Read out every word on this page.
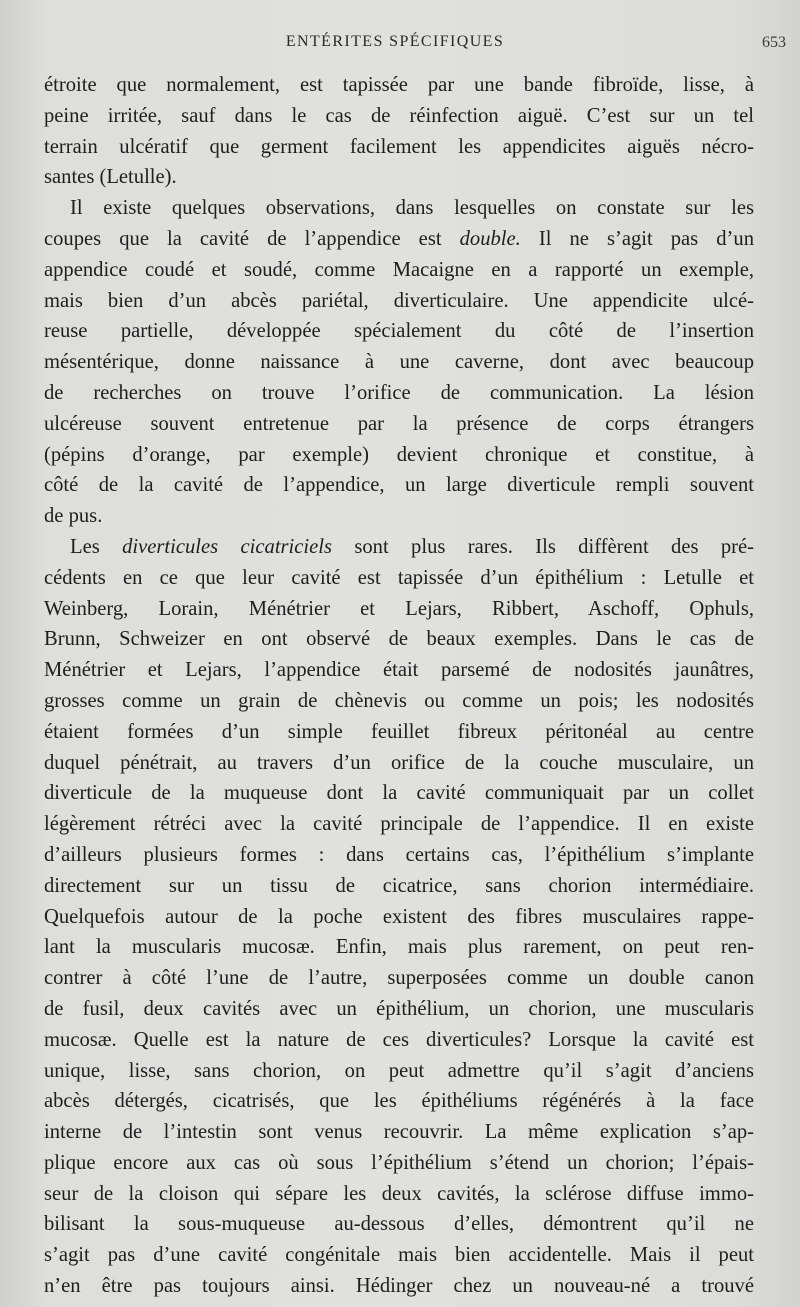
ENTÉRITES SPÉCIFIQUES	653
étroite que normalement, est tapissée par une bande fibroïde, lisse, à
peine irritée, sauf dans le cas de réinfection aiguë. C’est sur un tel
terrain ulcératif que germent facilement les appendicites aiguës nécro-
santes (Letulle).
Il existe quelques observations, dans lesquelles on constate sur les
coupes que la cavité de l’appendice est double. Il ne s’agit pas d’un
appendice coudé et soudé, comme Macaigne en a rapporté un exemple,
mais bien d’un abcès pariétal, diverticulaire. Une appendicite ulcé-
reuse partielle, développée spécialement du côté de l’insertion
mésentérique, donne naissance à une caverne, dont avec beaucoup
de recherches on trouve l’orifice de communication. La lésion
ulcéreuse souvent entretenue par la présence de corps étrangers
(pépins d’orange, par exemple) devient chronique et constitue, à
côté de la cavité de l’appendice, un large diverticule rempli souvent
de pus.
Les diverticules cicatriciels sont plus rares. Ils diffèrent des pré-
cédents en ce que leur cavité est tapissée d’un épithélium : Letulle et
Weinberg, Lorain, Ménétrier et Lejars, Ribbert, Aschoff, Ophuls,
Brunn, Schweizer en ont observé de beaux exemples. Dans le cas de
Ménétrier et Lejars, l’appendice était parsemé de nodosités jaunâtres,
grosses comme un grain de chènevis ou comme un pois; les nodosités
étaient formées d’un simple feuillet fibreux péritonéal au centre
duquel pénétrait, au travers d’un orifice de la couche musculaire, un
diverticule de la muqueuse dont la cavité communiquait par un collet
légèrement rétréci avec la cavité principale de l’appendice. Il en existe
d’ailleurs plusieurs formes : dans certains cas, l’épithélium s’implante
directement sur un tissu de cicatrice, sans chorion intermédiaire.
Quelquefois autour de la poche existent des fibres musculaires rappe-
lant la muscularis mucosæ. Enfin, mais plus rarement, on peut ren-
contrer à côté l’une de l’autre, superposées comme un double canon
de fusil, deux cavités avec un épithélium, un chorion, une muscularis
mucosæ. Quelle est la nature de ces diverticules? Lorsque la cavité est
unique, lisse, sans chorion, on peut admettre qu’il s’agit d’anciens
abcès détergés, cicatrisés, que les épithéliums régénérés à la face
interne de l’intestin sont venus recouvrir. La même explication s’ap-
plique encore aux cas où sous l’épithélium s’étend un chorion; l’épais-
seur de la cloison qui sépare les deux cavités, la sclérose diffuse immo-
bilisant la sous-muqueuse au-dessous d’elles, démontrent qu’il ne
s’agit pas d’une cavité congénitale mais bien accidentelle. Mais il peut
n’en être pas toujours ainsi. Hédinger chez un nouveau-né a trouvé
